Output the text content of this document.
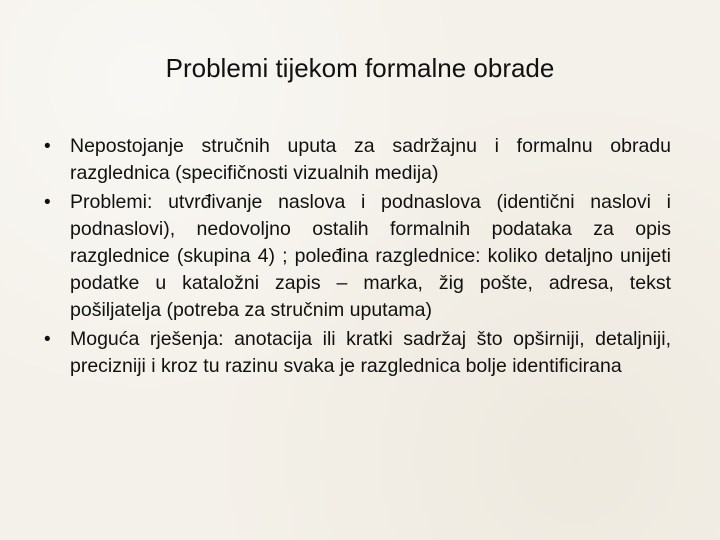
Problemi tijekom formalne obrade
• Nepostojanje stručnih uputa za sadržajnu i formalnu obradu razglednica (specifičnosti vizualnih medija)
• Problemi: utvrđivanje naslova i podnaslova (identični naslovi i podnaslovi), nedovoljno ostalih formalnih podataka za opis razglednice (skupina 4) ; poleđina razglednice: koliko detaljno unijeti podatke u kataložni zapis – marka, žig pošte, adresa, tekst pošiljatelja (potreba za stručnim uputama)
• Moguća rješenja: anotacija ili kratki sadržaj što opširniji, detaljniji, precizniji i kroz tu razinu svaka je razglednica bolje identificirana
